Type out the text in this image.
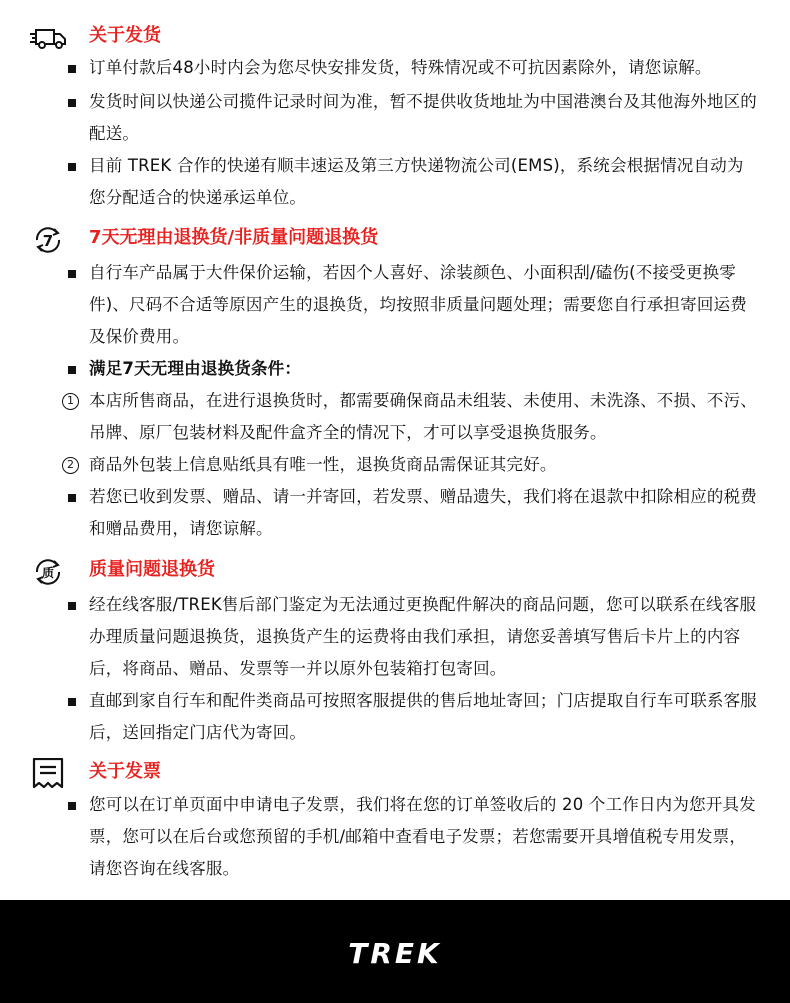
关于发货
订单付款后48小时内会为您尽快安排发货，特殊情况或不可抗因素除外，请您谅解。
发货时间以快递公司揽件记录时间为准，暂不提供收货地址为中国港澳台及其他海外地区的配送。
目前 TREK 合作的快递有顺丰速运及第三方快递物流公司(EMS)，系统会根据情况自动为您分配适合的快递承运单位。
7 7天无理由退换货/非质量问题退换货
自行车产品属于大件保价运输，若因个人喜好、涂装颜色、小面积刮/磕伤(不接受更换零件)、尺码不合适等原因产生的退换货，均按照非质量问题处理；需要您自行承担寄回运费及保价费用。
满足7天无理由退换货条件：
1 本店所售商品，在进行退换货时，都需要确保商品未组装、未使用、未洗涤、不损、不污、吊牌、原厂包装材料及配件盒齐全的情况下，才可以享受退换货服务。
2 商品外包装上信息贴纸具有唯一性，退换货商品需保证其完好。
若您已收到发票、赠品、请一并寄回，若发票、赠品遗失，我们将在退款中扣除相应的税费和赠品费用，请您谅解。
质 质量问题退换货
经在线客服/TREK售后部门鉴定为无法通过更换配件解决的商品问题，您可以联系在线客服办理质量问题退换货，退换货产生的运费将由我们承担，请您妥善填写售后卡片上的内容后，将商品、赠品、发票等一并以原外包装箱打包寄回。
直邮到家自行车和配件类商品可按照客服提供的售后地址寄回；门店提取自行车可联系客服后，送回指定门店代为寄回。
关于发票
您可以在订单页面中申请电子发票，我们将在您的订单签收后的 20 个工作日内为您开具发票，您可以在后台或您预留的手机/邮箱中查看电子发票；若您需要开具增值税专用发票，请您咨询在线客服。
TREK
